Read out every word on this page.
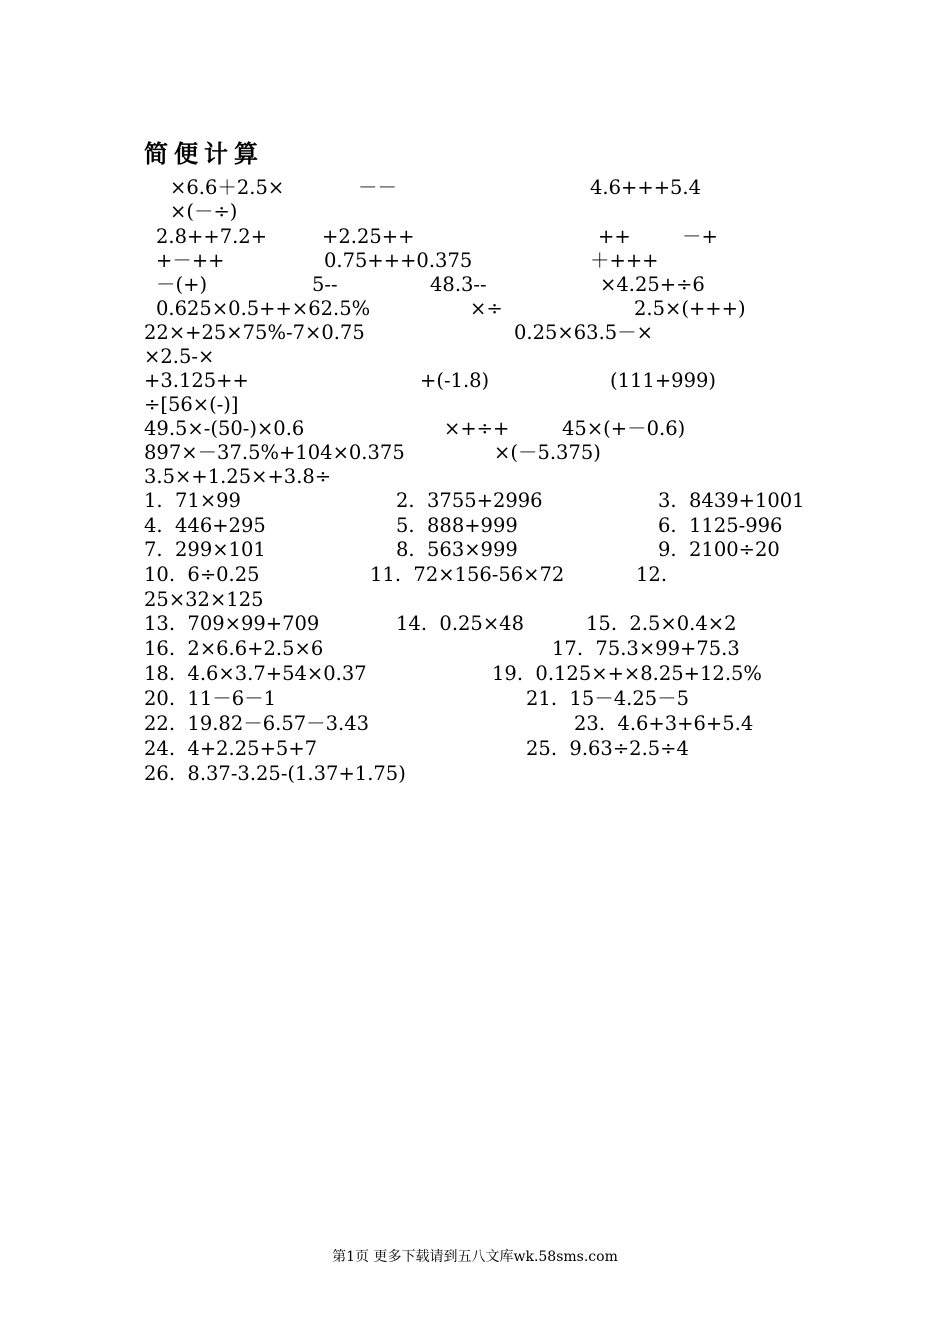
简便计算
×6.6＋2.5×	－－	4.6+++5.4
×(－÷)
2.8++7.2+	+2.25++	++	－+
+－++	0.75+++0.375	＋+++
－(+)	5--	48.3--	×4.25+÷6
0.625×0.5++×62.5%	×÷	2.5×(+++)
22×+25×75%-7×0.75	0.25×63.5－×
×2.5-×
+3.125++	+(-1.8)	(111+999)
÷[56×(-)]
49.5×-(50-)×0.6	×+÷+	45×(+－0.6)
897×－37.5%+104×0.375	×(－5.375)
3.5×+1.25×+3.8÷
1.  71×99	2.  3755+2996	3.  8439+1001
4.  446+295	5.  888+999	6.  1125-996
7.  299×101	8.  563×999	9.  2100÷20
10.  6÷0.25	11.  72×156-56×72	12.
25×32×125
13.  709×99+709	14.  0.25×48	15.  2.5×0.4×2
16.  2×6.6+2.5×6	17.  75.3×99+75.3
18.  4.6×3.7+54×0.37	19.  0.125×+×8.25+12.5%
20.  11－6－1	21.  15－4.25－5
22.  19.82－6.57－3.43	23.  4.6+3+6+5.4
24.  4+2.25+5+7	25.  9.63÷2.5÷4
26.  8.37-3.25-(1.37+1.75)
第1页 更多下载请到五八文库wk.58sms.com
